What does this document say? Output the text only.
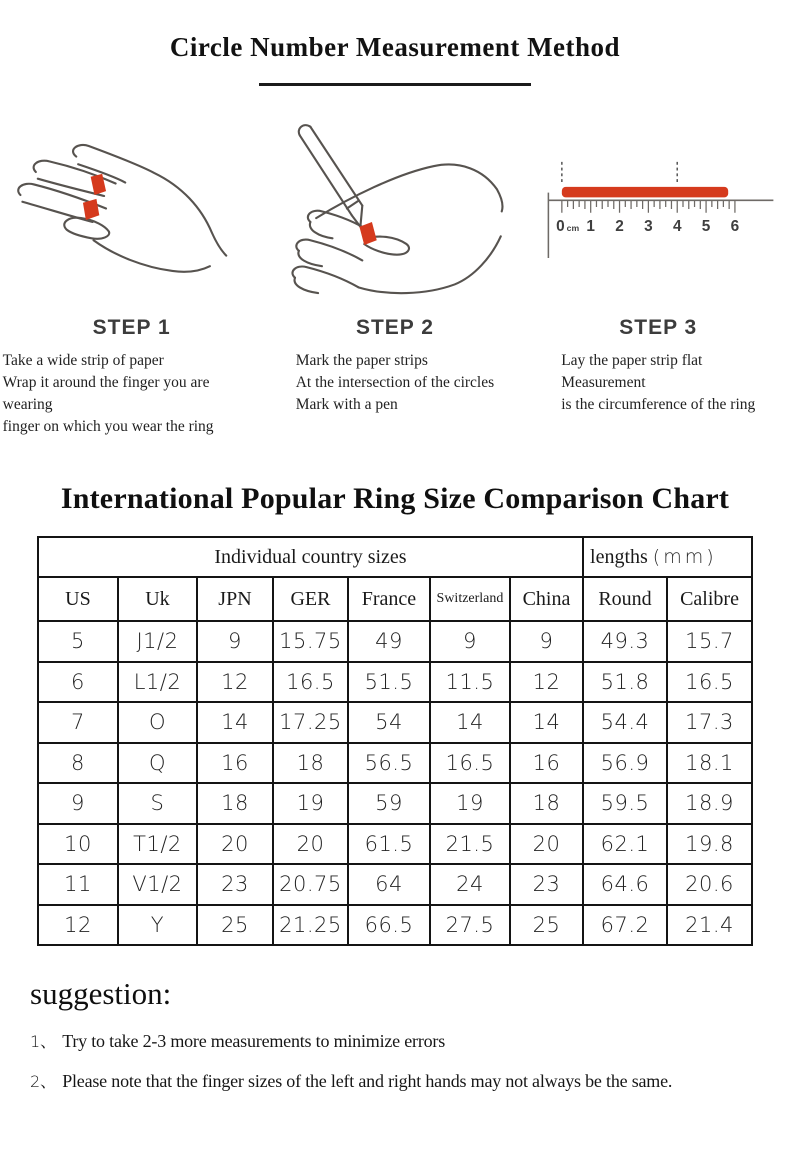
Circle Number Measurement Method
STEP 1
Take a wide strip of paper
Wrap it around the finger you are wearing
finger on which you wear the ring
STEP 2
Mark the paper strips
At the intersection of the circles
Mark with a pen
0 cm 1 2 3 4 5 6
STEP 3
Lay the paper strip flat
Measurement
is the circumference of the ring
International Popular Ring Size Comparison Chart
Individual country sizes							lengths (mm)	
US	Uk	JPN	GER	France	Switzerland	China	Round	Calibre
5	J1/2	9	15.75	49	9	9	49.3	15.7
6	L1/2	12	16.5	51.5	11.5	12	51.8	16.5
7	O	14	17.25	54	14	14	54.4	17.3
8	Q	16	18	56.5	16.5	16	56.9	18.1
9	S	18	19	59	19	18	59.5	18.9
10	T1/2	20	20	61.5	21.5	20	62.1	19.8
11	V1/2	23	20.75	64	24	23	64.6	20.6
12	Y	25	21.25	66.5	27.5	25	67.2	21.4
suggestion:
1、 Try to take 2-3 more measurements to minimize errors
2、 Please note that the finger sizes of the left and right hands may not always be the same.
